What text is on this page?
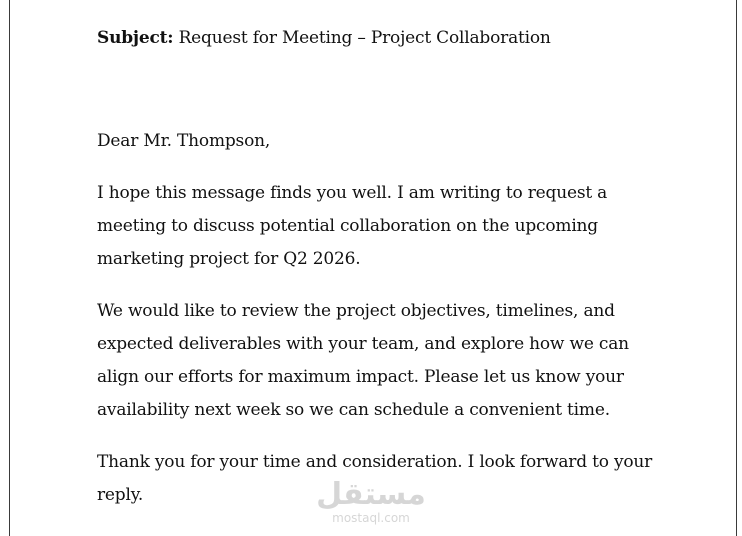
Subject: Request for Meeting – Project Collaboration

Dear Mr. Thompson,

I hope this message finds you well. I am writing to request a meeting to discuss potential collaboration on the upcoming marketing project for Q2 2026.

We would like to review the project objectives, timelines, and expected deliverables with your team, and explore how we can align our efforts for maximum impact. Please let us know your availability next week so we can schedule a convenient time.

Thank you for your time and consideration. I look forward to your reply.	مستقل
mostaql.com
